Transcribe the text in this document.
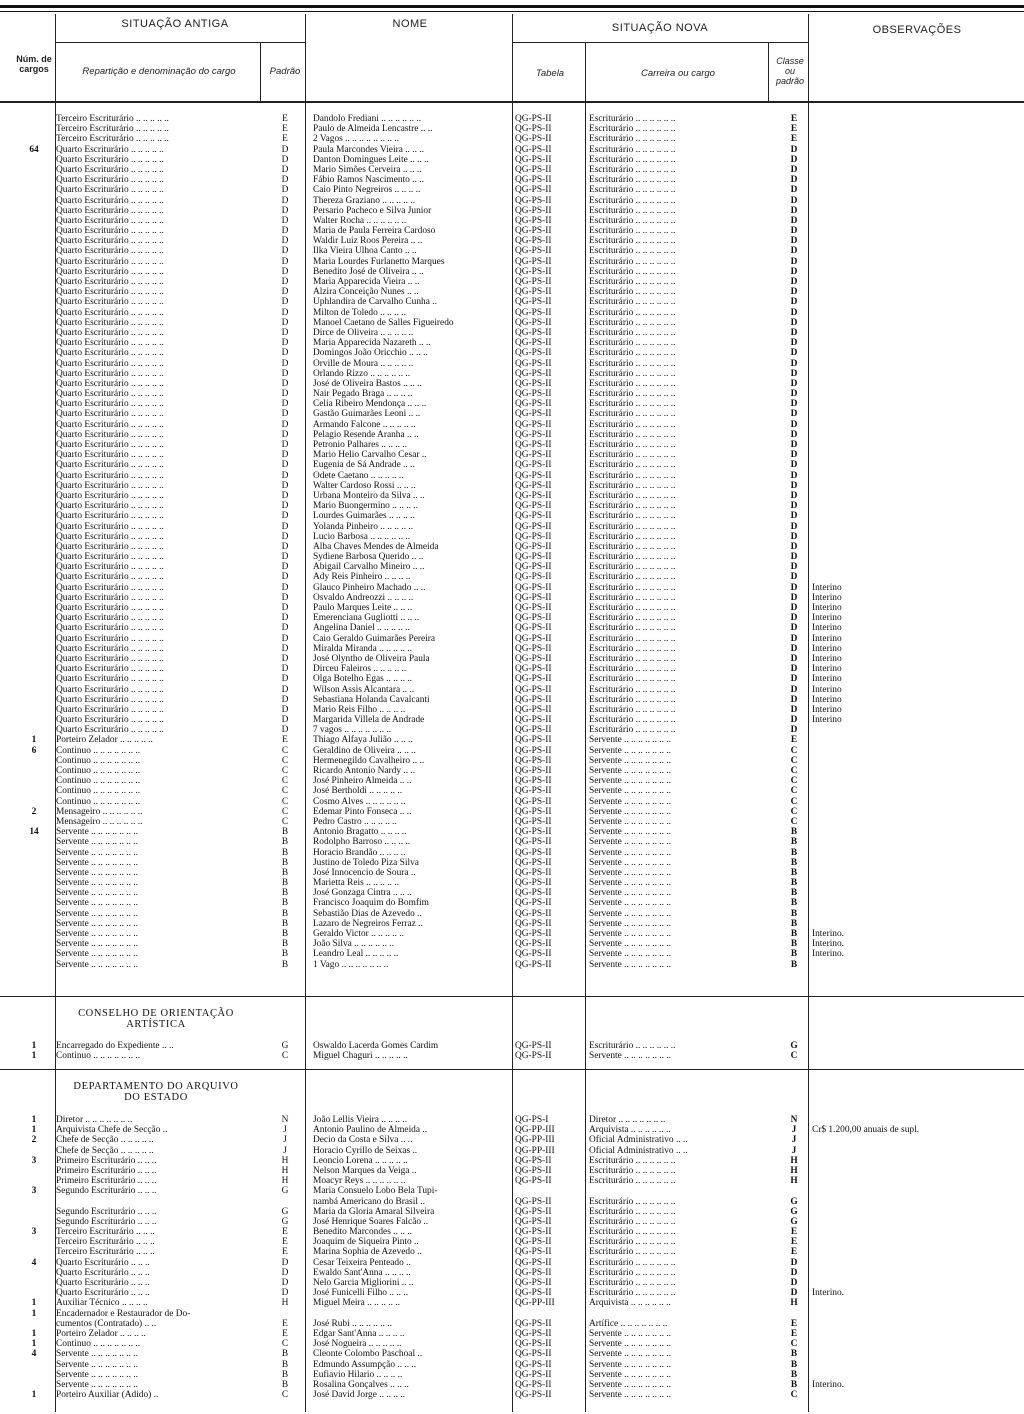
SITUAÇÃO ANTIGA	NOME	SITUAÇÃO NOVA	OBSERVAÇÕES
Núm. de cargos	Repartição e denominação do cargo	Padrão	Tabela	Carreira ou cargo
Classe ou padrão
Terceiro Escriturário .. .. .. .. ..	E	Dandolo Frediani .. .. .. .. .. ..	QG-PS-II	Escriturário .. .. .. .. .. ..	E
Terceiro Escriturário .. .. .. .. ..	E	Paulo de Almeida Lencastre .. ..	QG-PS-II	Escriturário .. .. .. .. .. ..	E
Terceiro Escriturário .. .. .. .. ..	E	2 Vagos .. .. .. .. .. .. .. ..	QG-PS-II	Escriturário .. .. .. .. .. ..	E
64	Quarto Escriturário .. .. .. .. ..	D	Paula Marcondes Vieira .. .. ..	QG-PS-II	Escriturário .. .. .. .. .. ..	D
Quarto Escriturário .. .. .. .. ..	D	Danton Domingues Leite .. .. ..	QG-PS-II	Escriturário .. .. .. .. .. ..	D
Quarto Escriturário .. .. .. .. ..	D	Mario Simões Cerveira .. .. ..	QG-PS-II	Escriturário .. .. .. .. .. ..	D
Quarto Escriturário .. .. .. .. ..	D	Fábio Ramos Nascimento .. ..	QG-PS-II	Escriturário .. .. .. .. .. ..	D
Quarto Escriturário .. .. .. .. ..	D	Caio Pinto Negreiros .. .. .. ..	QG-PS-II	Escriturário .. .. .. .. .. ..	D
Quarto Escriturário .. .. .. .. ..	D	Thereza Graziano .. .. .. .. ..	QG-PS-II	Escriturário .. .. .. .. .. ..	D
Quarto Escriturário .. .. .. .. ..	D	Persario Pacheco e Silva Junior	QG-PS-II	Escriturário .. .. .. .. .. ..	D
Quarto Escriturário .. .. .. .. ..	D	Walter Rocha .. .. .. .. .. ..	QG-PS-II	Escriturário .. .. .. .. .. ..	D
Quarto Escriturário .. .. .. .. ..	D	Maria de Paula Ferreira Cardoso	QG-PS-II	Escriturário .. .. .. .. .. ..	D
Quarto Escriturário .. .. .. .. ..	D	Waldir Luiz Roos Pereira .. ..	QG-PS-II	Escriturário .. .. .. .. .. ..	D
Quarto Escriturário .. .. .. .. ..	D	Ilka Vieira Ulhoa Canto .. ..	QG-PS-II	Escriturário .. .. .. .. .. ..	D
Quarto Escriturário .. .. .. .. ..	D	Maria Lourdes Furlanetto Marques	QG-PS-II	Escriturário .. .. .. .. .. ..	D
Quarto Escriturário .. .. .. .. ..	D	Benedito José de Oliveira .. ..	QG-PS-II	Escriturário .. .. .. .. .. ..	D
Quarto Escriturário .. .. .. .. ..	D	Maria Apparecida Vieira .. ..	QG-PS-II	Escriturário .. .. .. .. .. ..	D
Quarto Escriturário .. .. .. .. ..	D	Alzira Conceição Nunes .. ..	QG-PS-II	Escriturário .. .. .. .. .. ..	D
Quarto Escriturário .. .. .. .. ..	D	Uphlandira de Carvalho Cunha ..	QG-PS-II	Escriturário .. .. .. .. .. ..	D
Quarto Escriturário .. .. .. .. ..	D	Milton de Toledo .. .. .. ..	QG-PS-II	Escriturário .. .. .. .. .. ..	D
Quarto Escriturário .. .. .. .. ..	D	Manoel Caetano de Salles Figueiredo	QG-PS-II	Escriturário .. .. .. .. .. ..	D
Quarto Escriturário .. .. .. .. ..	D	Dirce de Oliveira .. .. .. .. ..	QG-PS-II	Escriturário .. .. .. .. .. ..	D
Quarto Escriturário .. .. .. .. ..	D	Maria Apparecida Nazareth .. ..	QG-PS-II	Escriturário .. .. .. .. .. ..	D
Quarto Escriturário .. .. .. .. ..	D	Domingos João Oricchio .. .. ..	QG-PS-II	Escriturário .. .. .. .. .. ..	D
Quarto Escriturário .. .. .. .. ..	D	Orville de Moura .. .. .. .. ..	QG-PS-II	Escriturário .. .. .. .. .. ..	D
Quarto Escriturário .. .. .. .. ..	D	Orlando Rizzo .. .. .. .. .. ..	QG-PS-II	Escriturário .. .. .. .. .. ..	D
Quarto Escriturário .. .. .. .. ..	D	José de Oliveira Bastos .. .. ..	QG-PS-II	Escriturário .. .. .. .. .. ..	D
Quarto Escriturário .. .. .. .. ..	D	Nair Pegado Braga .. .. .. ..	QG-PS-II	Escriturário .. .. .. .. .. ..	D
Quarto Escriturário .. .. .. .. ..	D	Celia Ribeiro Mendonça .. .. ..	QG-PS-II	Escriturário .. .. .. .. .. ..	D
Quarto Escriturário .. .. .. .. ..	D	Gastão Guimarães Leoni .. ..	QG-PS-II	Escriturário .. .. .. .. .. ..	D
Quarto Escriturário .. .. .. .. ..	D	Armando Falcone .. .. .. .. ..	QG-PS-II	Escriturário .. .. .. .. .. ..	D
Quarto Escriturário .. .. .. .. ..	D	Pelagio Resende Aranha .. ..	QG-PS-II	Escriturário .. .. .. .. .. ..	D
Quarto Escriturário .. .. .. .. ..	D	Petronio Palhares .. .. .. ..	QG-PS-II	Escriturário .. .. .. .. .. ..	D
Quarto Escriturário .. .. .. .. ..	D	Mario Helio Carvalho Cesar ..	QG-PS-II	Escriturário .. .. .. .. .. ..	D
Quarto Escriturário .. .. .. .. ..	D	Eugenia de Sá Andrade .. ..	QG-PS-II	Escriturário .. .. .. .. .. ..	D
Quarto Escriturário .. .. .. .. ..	D	Odete Caetano .. .. .. .. ..	QG-PS-II	Escriturário .. .. .. .. .. ..	D
Quarto Escriturário .. .. .. .. ..	D	Walter Cardoso Rossi .. .. ..	QG-PS-II	Escriturário .. .. .. .. .. ..	D
Quarto Escriturário .. .. .. .. ..	D	Urbana Monteiro da Silva .. ..	QG-PS-II	Escriturário .. .. .. .. .. ..	D
Quarto Escriturário .. .. .. .. ..	D	Mario Buongermino .. .. .. ..	QG-PS-II	Escriturário .. .. .. .. .. ..	D
Quarto Escriturário .. .. .. .. ..	D	Lourdes Guimarães .. .. .. ..	QG-PS-II	Escriturário .. .. .. .. .. ..	D
Quarto Escriturário .. .. .. .. ..	D	Yolanda Pinheiro .. .. .. .. ..	QG-PS-II	Escriturário .. .. .. .. .. ..	D
Quarto Escriturário .. .. .. .. ..	D	Lucio Barbosa .. .. .. .. .. ..	QG-PS-II	Escriturário .. .. .. .. .. ..	D
Quarto Escriturário .. .. .. .. ..	D	Alba Chaves Mendes de Almeida	QG-PS-II	Escriturário .. .. .. .. .. ..	D
Quarto Escriturário .. .. .. .. ..	D	Sydiene Barbosa Querido .. ..	QG-PS-II	Escriturário .. .. .. .. .. ..	D
Quarto Escriturário .. .. .. .. ..	D	Abigail Carvalho Mineiro .. ..	QG-PS-II	Escriturário .. .. .. .. .. ..	D
Quarto Escriturário .. .. .. .. ..	D	Ady Reis Pinheiro .. .. .. ..	QG-PS-II	Escriturário .. .. .. .. .. ..	D
Quarto Escriturário .. .. .. .. ..	D	Glauco Pinheiro Machado .. ..	QG-PS-II	Escriturário .. .. .. .. .. ..	D	Interino
Quarto Escriturário .. .. .. .. ..	D	Osvaldo Andreozzi .. .. .. ..	QG-PS-II	Escriturário .. .. .. .. .. ..	D	Interino
Quarto Escriturário .. .. .. .. ..	D	Paulo Marques Leite .. .. ..	QG-PS-II	Escriturário .. .. .. .. .. ..	D	Interino
Quarto Escriturário .. .. .. .. ..	D	Emerenciana Gugliotti .. .. ..	QG-PS-II	Escriturário .. .. .. .. .. ..	D	Interino
Quarto Escriturário .. .. .. .. ..	D	Angelina Daniel .. .. .. .. ..	QG-PS-II	Escriturário .. .. .. .. .. ..	D	Interino
Quarto Escriturário .. .. .. .. ..	D	Caio Geraldo Guimarães Pereira	QG-PS-II	Escriturário .. .. .. .. .. ..	D	Interino
Quarto Escriturário .. .. .. .. ..	D	Miralda Miranda .. .. .. .. ..	QG-PS-II	Escriturário .. .. .. .. .. ..	D	Interino
Quarto Escriturário .. .. .. .. ..	D	José Olyntho de Oliveira Paula	QG-PS-II	Escriturário .. .. .. .. .. ..	D	Interino
Quarto Escriturário .. .. .. .. ..	D	Dirceu Faleiros .. .. .. .. ..	QG-PS-II	Escriturário .. .. .. .. .. ..	D	Interino
Quarto Escriturário .. .. .. .. ..	D	Olga Botelho Egas .. .. .. ..	QG-PS-II	Escriturário .. .. .. .. .. ..	D	Interino
Quarto Escriturário .. .. .. .. ..	D	Wilson Assis Alcantara .. ..	QG-PS-II	Escriturário .. .. .. .. .. ..	D	Interino
Quarto Escriturário .. .. .. .. ..	D	Sebastiana Holanda Cavalcanti	QG-PS-II	Escriturário .. .. .. .. .. ..	D	Interino
Quarto Escriturário .. .. .. .. ..	D	Mario Reis Filho .. .. .. ..	QG-PS-II	Escriturário .. .. .. .. .. ..	D	Interino
Quarto Escriturário .. .. .. .. ..	D	Margarida Villela de Andrade	QG-PS-II	Escriturário .. .. .. .. .. ..	D	Interino
Quarto Escriturário .. .. .. .. ..	D	7 vagos .. .. .. .. .. .. ..	QG-PS-II	Escriturário .. .. .. .. .. ..	D
1	Porteiro Zelador .. .. .. .. ..	E	Thiago Alfaya Julião .. .. ..	QG-PS-II	Servente .. .. .. .. .. .. ..	E
6	Continuo .. .. .. .. .. .. ..	C	Geraldino de Oliveira .. .. ..	QG-PS-II	Servente .. .. .. .. .. .. ..	C
Continuo .. .. .. .. .. .. ..	C	Hermenegildo Cavalheiro .. ..	QG-PS-II	Servente .. .. .. .. .. .. ..	C
Continuo .. .. .. .. .. .. ..	C	Ricardo Antonio Nardy .. ..	QG-PS-II	Servente .. .. .. .. .. .. ..	C
Continuo .. .. .. .. .. .. ..	C	José Pinheiro Almeida .. ..	QG-PS-II	Servente .. .. .. .. .. .. ..	C
Continuo .. .. .. .. .. .. ..	C	José Bertholdi .. .. .. .. ..	QG-PS-II	Servente .. .. .. .. .. .. ..	C
Continuo .. .. .. .. .. .. ..	C	Cosmo Alves .. .. .. .. .. ..	QG-PS-II	Servente .. .. .. .. .. .. ..	C
2	Mensageiro .. .. .. .. .. ..	C	Edemar Pinto Fonseca .. ..	QG-PS-II	Servente .. .. .. .. .. .. ..	C
Mensageiro .. .. .. .. .. ..	C	Pedro Castro .. .. .. .. ..	QG-PS-II	Servente .. .. .. .. .. .. ..	C
14	Servente .. .. .. .. .. .. ..	B	Antonio Bragatto .. .. .. ..	QG-PS-II	Servente .. .. .. .. .. .. ..	B
Servente .. .. .. .. .. .. ..	B	Rodolpho Barroso .. .. .. ..	QG-PS-II	Servente .. .. .. .. .. .. ..	B
Servente .. .. .. .. .. .. ..	B	Horacio Brandão .. .. .. ..	QG-PS-II	Servente .. .. .. .. .. .. ..	B
Servente .. .. .. .. .. .. ..	B	Justino de Toledo Piza Silva	QG-PS-II	Servente .. .. .. .. .. .. ..	B
Servente .. .. .. .. .. .. ..	B	José Innocencio de Soura ..	QG-PS-II	Servente .. .. .. .. .. .. ..	B
Servente .. .. .. .. .. .. ..	B	Marietta Reis .. .. .. .. ..	QG-PS-II	Servente .. .. .. .. .. .. ..	B
Servente .. .. .. .. .. .. ..	B	José Gonzaga Cintra .. .. ..	QG-PS-II	Servente .. .. .. .. .. .. ..	B
Servente .. .. .. .. .. .. ..	B	Francisco Joaquim do Bomfim	QG-PS-II	Servente .. .. .. .. .. .. ..	B
Servente .. .. .. .. .. .. ..	B	Sebastião Dias de Azevedo ..	QG-PS-II	Servente .. .. .. .. .. .. ..	B
Servente .. .. .. .. .. .. ..	B	Lazaro de Negreiros Ferraz ..	QG-PS-II	Servente .. .. .. .. .. .. ..	B
Servente .. .. .. .. .. .. ..	B	Geraldo Victor .. .. .. .. ..	QG-PS-II	Servente .. .. .. .. .. .. ..	B	Interino.
Servente .. .. .. .. .. .. ..	B	João Silva .. .. .. .. .. ..	QG-PS-II	Servente .. .. .. .. .. .. ..	B	Interino.
Servente .. .. .. .. .. .. ..	B	Leandro Leal .. .. .. .. ..	QG-PS-II	Servente .. .. .. .. .. .. ..	B	Interino.
Servente .. .. .. .. .. .. ..	B	1 Vago .. .. .. .. .. .. ..	QG-PS-II	Servente .. .. .. .. .. .. ..	B
CONSELHO DE ORIENTAÇÃO
ARTÍSTICA
1	Encarregado do Expediente .. ..	G	Oswaldo Lacerda Gomes Cardim	QG-PS-II	Escriturário .. .. .. .. .. ..	G
1	Continuo .. .. .. .. .. .. ..	C	Miguel Chaguri .. .. .. .. ..	QG-PS-II	Servente .. .. .. .. .. .. ..	C
DEPARTAMENTO DO ARQUIVO
DO ESTADO
1	Diretor .. .. .. .. .. .. ..	N	João Lellis Vieira .. .. .. ..	QG-PS-I	Diretor .. .. .. .. .. .. ..	N
1	Arquivista Chefe de Secção ..	J	Antonio Paulino de Almeida ..	QG-PP-III	Arquivista .. .. .. .. .. ..	J	Cr$ 1.200,00 anuais de supl.
2	Chefe de Secção .. .. .. .. ..	J	Decio da Costa e Silva .. ..	QG-PP-III	Oficial Administrativo .. ..	J
Chefe de Secção .. .. .. .. ..	J	Horacio Cyrillo de Seixas ..	QG-PP-III	Oficial Administrativo .. ..	J
3	Primeiro Escriturário .. .. ..	H	Leoncio Lorena .. .. .. .. ..	QG-PS-II	Escriturário .. .. .. .. .. ..	H
Primeiro Escriturário .. .. ..	H	Nelson Marques da Veiga ..	QG-PS-II	Escriturário .. .. .. .. .. ..	H
Primeiro Escriturário .. .. ..	H	Moacyr Reys .. .. .. .. .. ..	QG-PS-II	Escriturário .. .. .. .. .. ..	H
3	Segundo Escriturário .. .. ..	G	Maria Consuelo Lobo Bela Tupi-
nambá Americano do Brasil ..	QG-PS-II	Escriturário .. .. .. .. .. ..	G
Segundo Escriturário .. .. ..	G	Maria da Gloria Amaral Silveira	QG-PS-II	Escriturário .. .. .. .. .. ..	G
Segundo Escriturário .. .. ..	G	José Henrique Soares Falcão ..	QG-PS-II	Escriturário .. .. .. .. .. ..	G
3	Terceiro Escriturário .. .. ..	E	Benedito Marcondes .. .. ..	QG-PS-II	Escriturário .. .. .. .. .. ..	E
Terceiro Escriturário .. .. ..	E	Joaquim de Siqueira Pinto ..	QG-PS-II	Escriturário .. .. .. .. .. ..	E
Terceiro Escriturário .. .. ..	E	Marina Sophia de Azevedo ..	QG-PS-II	Escriturário .. .. .. .. .. ..	E
4	Quarto Escriturário .. .. ..	D	Cesar Teixeira Penteado ..	QG-PS-II	Escriturário .. .. .. .. .. ..	D
Quarto Escriturário .. .. ..	D	Ewaldo Sant'Anna .. .. .. ..	QG-PS-II	Escriturário .. .. .. .. .. ..	D
Quarto Escriturário .. .. ..	D	Nelo Garcia Migliorini .. ..	QG-PS-II	Escriturário .. .. .. .. .. ..	D
Quarto Escriturário .. .. ..	D	José Funicelli Filho .. .. ..	QG-PS-II	Escriturário .. .. .. .. .. ..	D	Interino.
1	Auxiliar Técnico .. .. .. ..	H	Miguel Meira .. .. .. .. ..	QG-PP-III	Arquivista .. .. .. .. .. ..	H
1	Encadernador e Restaurador de Do-
cumentos (Contratado) .. ..	E	José Rubi .. .. .. .. .. ..	QG-PS-II	Artífice .. .. .. .. .. .. ..	E
1	Porteiro Zelador .. .. .. ..	E	Edgar Sant'Anna .. .. .. ..	QG-PS-II	Servente .. .. .. .. .. .. ..	E
1	Continuo .. .. .. .. .. .. ..	C	José Nogueira .. .. .. .. ..	QG-PS-II	Servente .. .. .. .. .. .. ..	C
4	Servente .. .. .. .. .. .. ..	B	Cleonte Colombo Paschoal ..	QG-PS-II	Servente .. .. .. .. .. .. ..	B
Servente .. .. .. .. .. .. ..	B	Edmundo Assumpção .. .. ..	QG-PS-II	Servente .. .. .. .. .. .. ..	B
Servente .. .. .. .. .. .. ..	B	Eufiavio Hilario .. .. .. ..	QG-PS-II	Servente .. .. .. .. .. .. ..	B
Servente .. .. .. .. .. .. ..	B	Rosalina Gonçalves .. .. ..	QG-PS-II	Servente .. .. .. .. .. .. ..	B	Interino.
1	Porteiro Auxiliar (Adido) ..	C	José David Jorge .. .. .. ..	QG-PS-II	Servente .. .. .. .. .. .. ..	C
